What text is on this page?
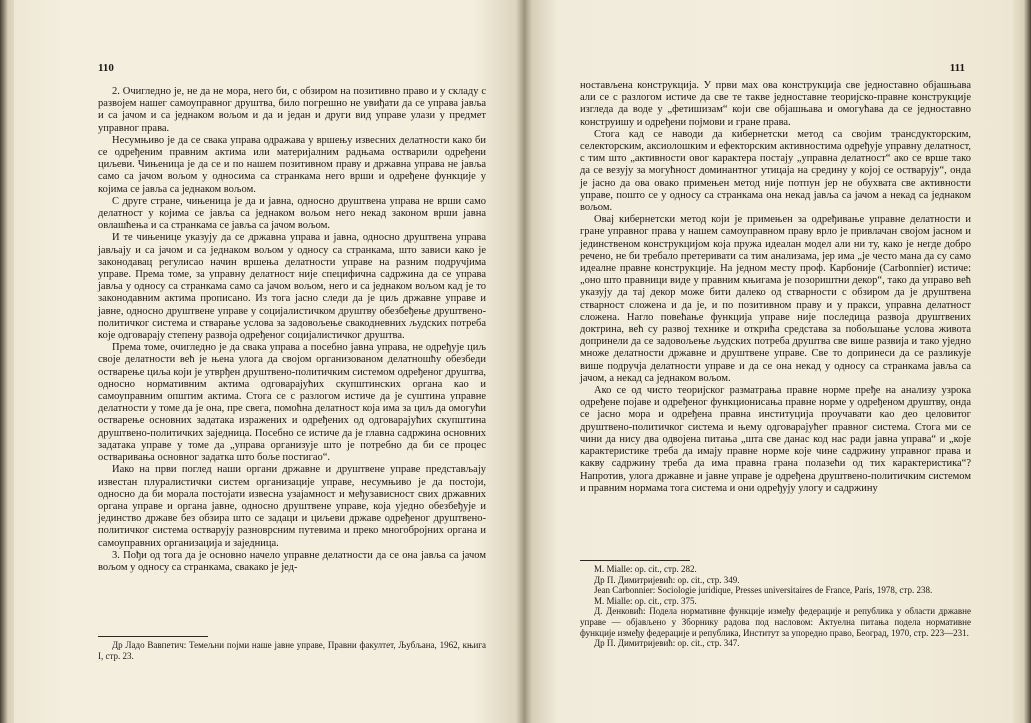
110

2. Очигледно је, не да не мора, него би, с обзиром на позитивно право и у складу с развојем нашег самоуправног друштва, било погрешно не увиђати да се управа јавља и са јачом и са једнаком вољом и да и један и други вид управе улази у предмет управног права.

Несумњиво је да се свака управа одражава у вршењу извесних делатности како би се одређеним правним актима или материјалним радњама остварили одређени циљеви. Чињеница је да се и по нашем позитивном праву и државна управа не јавља само са јачом вољом у односима са странкама него врши и одређене функције у којима се јавља са једнаком вољом.

С друге стране, чињеница је да и јавна, односно друштвена управа не врши само делатност у којима се јавља са једнаком вољом него некад законом врши јавна овлашћења и са странкама се јавља са јачом вољом.

И те чињенице указују да се државна управа и јавна, односно друштвена управа јављају и са јачом и са једнаком вољом у односу са странкама, што зависи како је законодавац регулисао начин вршења делатности управе на разним подручјима управе. Према томе, за управну делатност није специфична садржина да се управа јавља у односу са странкама само са јачом вољом, него и са једнаком вољом кад је то законодавним актима прописано. Из тога јасно следи да је циљ државне управе и јавне, односно друштвене управе у социјалистичком друштву обезбеђење друштвено-политичког система и стварање услова за задовољење свакодневних људских потреба које одговарају степену развоја одређеног социјалистичког друштва.

Према томе, очигледно је да свака управа а посебно јавна управа, не одређује циљ своје делатности већ је њена улога да својом организованом делатношћу обезбеди остварење циља који је утврђен друштвено-политичким системом одређеног друштва, односно нормативним актима одговарајућих скупштинских органа као и самоуправним општим актима. Стога се с разлогом истиче да је суштина управне делатности у томе да је она, пре свега, помоћна делатност која има за циљ да омогући остварење основних задатака изражених и одређених од одговарајућих скупштина друштвено-политичких заједница. Посебно се истиче да је главна садржина основних задатака управе у томе да „управа организује што је потребно да би се процес остваривања основног задатка што боље постигао“.

Иако на први поглед наши органи државне и друштвене управе представљају известан плуралистички систем организације управе, несумњиво је да постоји, односно да би морала постојати извесна узајамност и међузависност свих државних органа управе и органа јавне, односно друштвене управе, која уједно обезбеђује и јединство државе без обзира што се задаци и циљеви државе одређеног друштвено-политичког система остварују разноврсним путевима и преко многобројних органа и самоуправних организација и заједница.

3. Пођи од тога да је основно начело управне делатности да се она јавља са јачом вољом у односу са странкама, свакако је јед-

Др Ладо Вавпетич: Темељни појми наше јавне управе, Правни факултет, Љубљана, 1962, књига I, стр. 23.

111

ностављена конструкција. У први мах ова конструкција све једноставно објашњава али се с разлогом истиче да све те такве једноставне теоријско-правне конструкције изгледа да воде у „фетишизам“ који све објашњава и омогућава да се једноставно конструишу и одређени појмови и гране права.

Стога кад се наводи да кибернетски метод са својим трансдукторским, селекторским, аксиолошким и ефекторским активностима одређује управну делатност, с тим што „активности овог карактера постају „управна делатност“ ако се врше тако да се везују за могућност доминантног утицаја на средину у којој се остварују“, онда је јасно да ова овако примењен метод није потпун јер не обухвата све активности управе, пошто се у односу са странкама она некад јавља са јачом а некад са једнаком вољом.

Овај кибернетски метод који је примењен за одређивање управне делатности и гране управног права у нашем самоуправном праву врло је привлачан својом јасном и јединственом конструкцијом која пружа идеалан модел али ни ту, како је негде добро речено, не би требало претеривати са тим анализама, јер има „је често мана да су само идеалне правне конструкције. На једном месту проф. Карбоније (Carbonnier) истиче: „оно што правници виде у правним књигама је позориштни декор“, тако да управо већ указују да тај декор може бити далеко од стварности с обзиром да је друштвена стварност сложена и да је, и по позитивном праву и у пракси, управна делатност сложена. Нагло повећање функција управе није последица развоја друштвених доктрина, већ су развој технике и открића средстава за побољшање услова живота допринели да се задовољење људских потреба друштва све више развија и тако уједно множе делатности државне и друштвене управе. Све то допринеси да се разликује више подручја делатности управе и да се она некад у односу са странкама јавља са јачом, а некад са једнаком вољом.

Ако се од чисто теоријског разматрања правне норме пређе на анализу узрока одређене појаве и одређеног функционисања правне норме у одређеном друштву, онда се јасно мора и одређена правна институција проучавати као део целовитог друштвено-политичког система и њему одговарајућег правног система. Стога ми се чини да нису два одвојена питања „шта све данас код нас ради јавна управа“ и „које карактеристике треба да имају правне норме које чине садржину управног права и какву садржину треба да има правна грана полазећи од тих карактеристика“? Напротив, улога државне и јавне управе је одређена друштвено-политичким системом и правним нормама тога система и они одређују улогу и садржину

M. Mialle: op. cit., стр. 282.

Др П. Димитријевић: op. cit., стр. 349.

Jean Carbonnier: Sociologie juridique, Presses universitaires de France, Paris, 1978, стр. 238.

M. Mialle: op. cit., стр. 375.

Д. Денковић: Подела нормативне функције између федерације и република у области државне управе — објављено у Зборнику радова под насловом: Актуелна питања подела нормативне функције између федерације и република, Институт за упоредно право, Београд, 1970, стр. 223—231.

Др П. Димитријевић: op. cit., стр. 347.
